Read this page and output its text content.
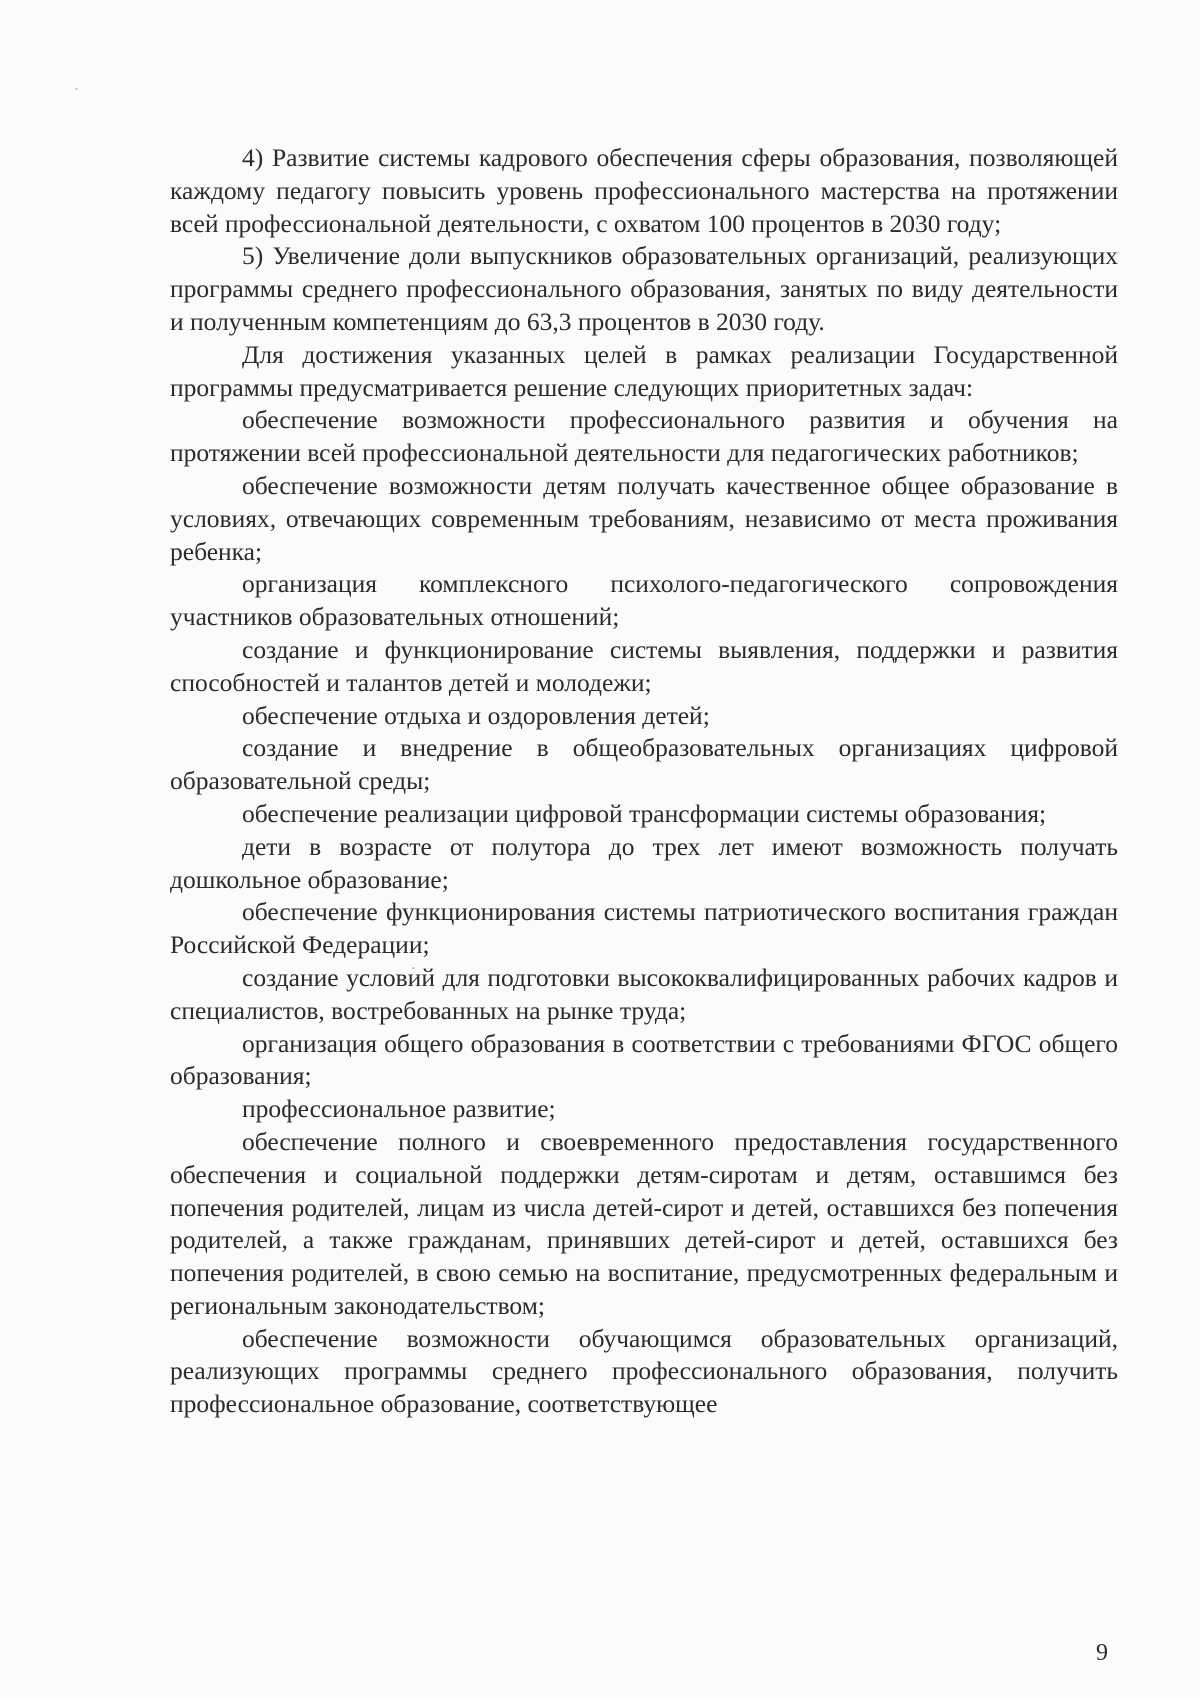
4) Развитие системы кадрового обеспечения сферы образования, позволяющей каждому педагогу повысить уровень профессионального мастерства на протяжении всей профессиональной деятельности, с охватом 100 процентов в 2030 году;

5) Увеличение доли выпускников образовательных организаций, реализующих программы среднего профессионального образования, занятых по виду деятельности и полученным компетенциям до 63,3 процентов в 2030 году.

Для достижения указанных целей в рамках реализации Государственной программы предусматривается решение следующих приоритетных задач:

обеспечение возможности профессионального развития и обучения на протяжении всей профессиональной деятельности для педагогических работников;

обеспечение возможности детям получать качественное общее образование в условиях, отвечающих современным требованиям, независимо от места проживания ребенка;

организация комплексного психолого-педагогического сопровождения участников образовательных отношений;

создание и функционирование системы выявления, поддержки и развития способностей и талантов детей и молодежи;

обеспечение отдыха и оздоровления детей;

создание и внедрение в общеобразовательных организациях цифровой образовательной среды;

обеспечение реализации цифровой трансформации системы образования;

дети в возрасте от полутора до трех лет имеют возможность получать дошкольное образование;

обеспечение функционирования системы патриотического воспитания граждан Российской Федерации;

создание условий для подготовки высококвалифицированных рабочих кадров и специалистов, востребованных на рынке труда;

организация общего образования в соответствии с требованиями ФГОС общего образования;

профессиональное развитие;

обеспечение полного и своевременного предоставления государственного обеспечения и социальной поддержки детям-сиротам и детям, оставшимся без попечения родителей, лицам из числа детей-сирот и детей, оставшихся без попечения родителей, а также гражданам, принявших детей-сирот и детей, оставшихся без попечения родителей, в свою семью на воспитание, предусмотренных федеральным и региональным законодательством;

обеспечение возможности обучающимся образовательных организаций, реализующих программы среднего профессионального образования, получить профессиональное образование, соответствующее

9
